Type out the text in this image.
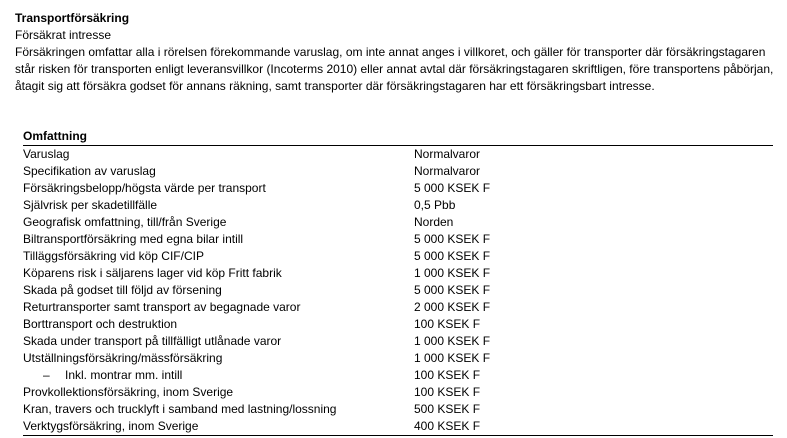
Transportförsäkring
Försäkrat intresse
Försäkringen omfattar alla i rörelsen förekommande varuslag, om inte annat anges i villkoret, och gäller för transporter där försäkringstagaren står risken för transporten enligt leveransvillkor (Incoterms 2010) eller annat avtal där försäkringstagaren skriftligen, före transportens påbörjan, åtagit sig att försäkra godset för annans räkning, samt transporter där försäkringstagaren har ett försäkringsbart intresse.
Omfattning
Varuslag	Normalvaror
Specifikation av varuslag	Normalvaror
Försäkringsbelopp/högsta värde per transport	5 000 KSEK F
Självrisk per skadetillfälle	0,5 Pbb
Geografisk omfattning, till/från Sverige	Norden
Biltransportförsäkring med egna bilar intill	5 000 KSEK F
Tilläggsförsäkring vid köp CIF/CIP	5 000 KSEK F
Köparens risk i säljarens lager vid köp Fritt fabrik	1 000 KSEK F
Skada på godset till följd av försening	5 000 KSEK F
Returtransporter samt transport av begagnade varor	2 000 KSEK F
Borttransport och destruktion	100 KSEK F
Skada under transport på tillfälligt utlånade varor	1 000 KSEK F
Utställningsförsäkring/mässförsäkring	1 000 KSEK F
– Inkl. montrar mm. intill	100 KSEK F
Provkollektionsförsäkring, inom Sverige	100 KSEK F
Kran, travers och trucklyft i samband med lastning/lossning	500 KSEK F
Verktygsförsäkring, inom Sverige	400 KSEK F
